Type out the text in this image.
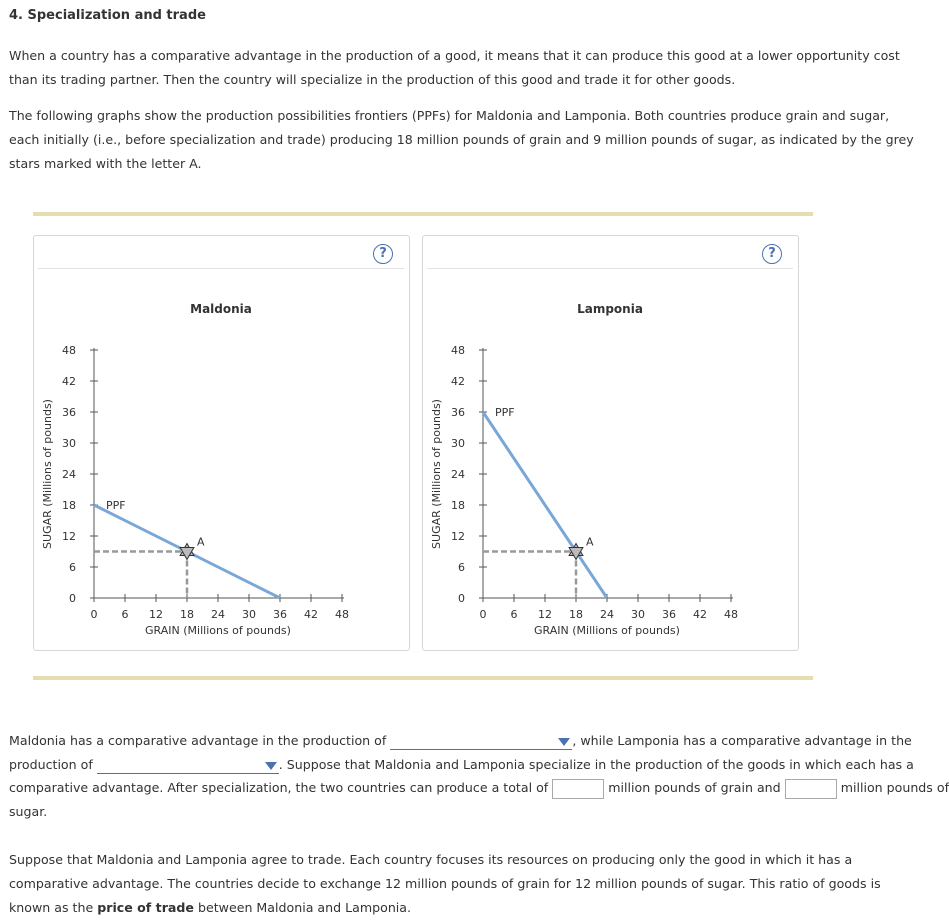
4. Specialization and trade
When a country has a comparative advantage in the production of a good, it means that it can produce this good at a lower opportunity cost than its trading partner. Then the country will specialize in the production of this good and trade it for other goods.
The following graphs show the production possibilities frontiers (PPFs) for Maldonia and Lamponia. Both countries produce grain and sugar, each initially (i.e., before specialization and trade) producing 18 million pounds of grain and 9 million pounds of sugar, as indicated by the grey stars marked with the letter A.
?
Maldonia
0 6 12 18 24 30 36 42 48
0
6
12
18
24
30
36
42
48
GRAIN (Millions of pounds)
SUGAR (Millions of pounds)	PPF
A
?
Lamponia
0 6 12 18 24 30 36 42 48
0
6
12
18
24
30
36
42
48
GRAIN (Millions of pounds)
SUGAR (Millions of pounds)	PPF
A
Maldonia has a comparative advantage in the production of	, while Lamponia has a comparative advantage in the
production of	. Suppose that Maldonia and Lamponia specialize in the production of the goods in which each has a
comparative advantage. After specialization, the two countries can produce a total of	million pounds of grain and	million pounds of
sugar.
Suppose that Maldonia and Lamponia agree to trade. Each country focuses its resources on producing only the good in which it has a comparative advantage. The countries decide to exchange 12 million pounds of grain for 12 million pounds of sugar. This ratio of goods is known as the price of trade between Maldonia and Lamponia.
